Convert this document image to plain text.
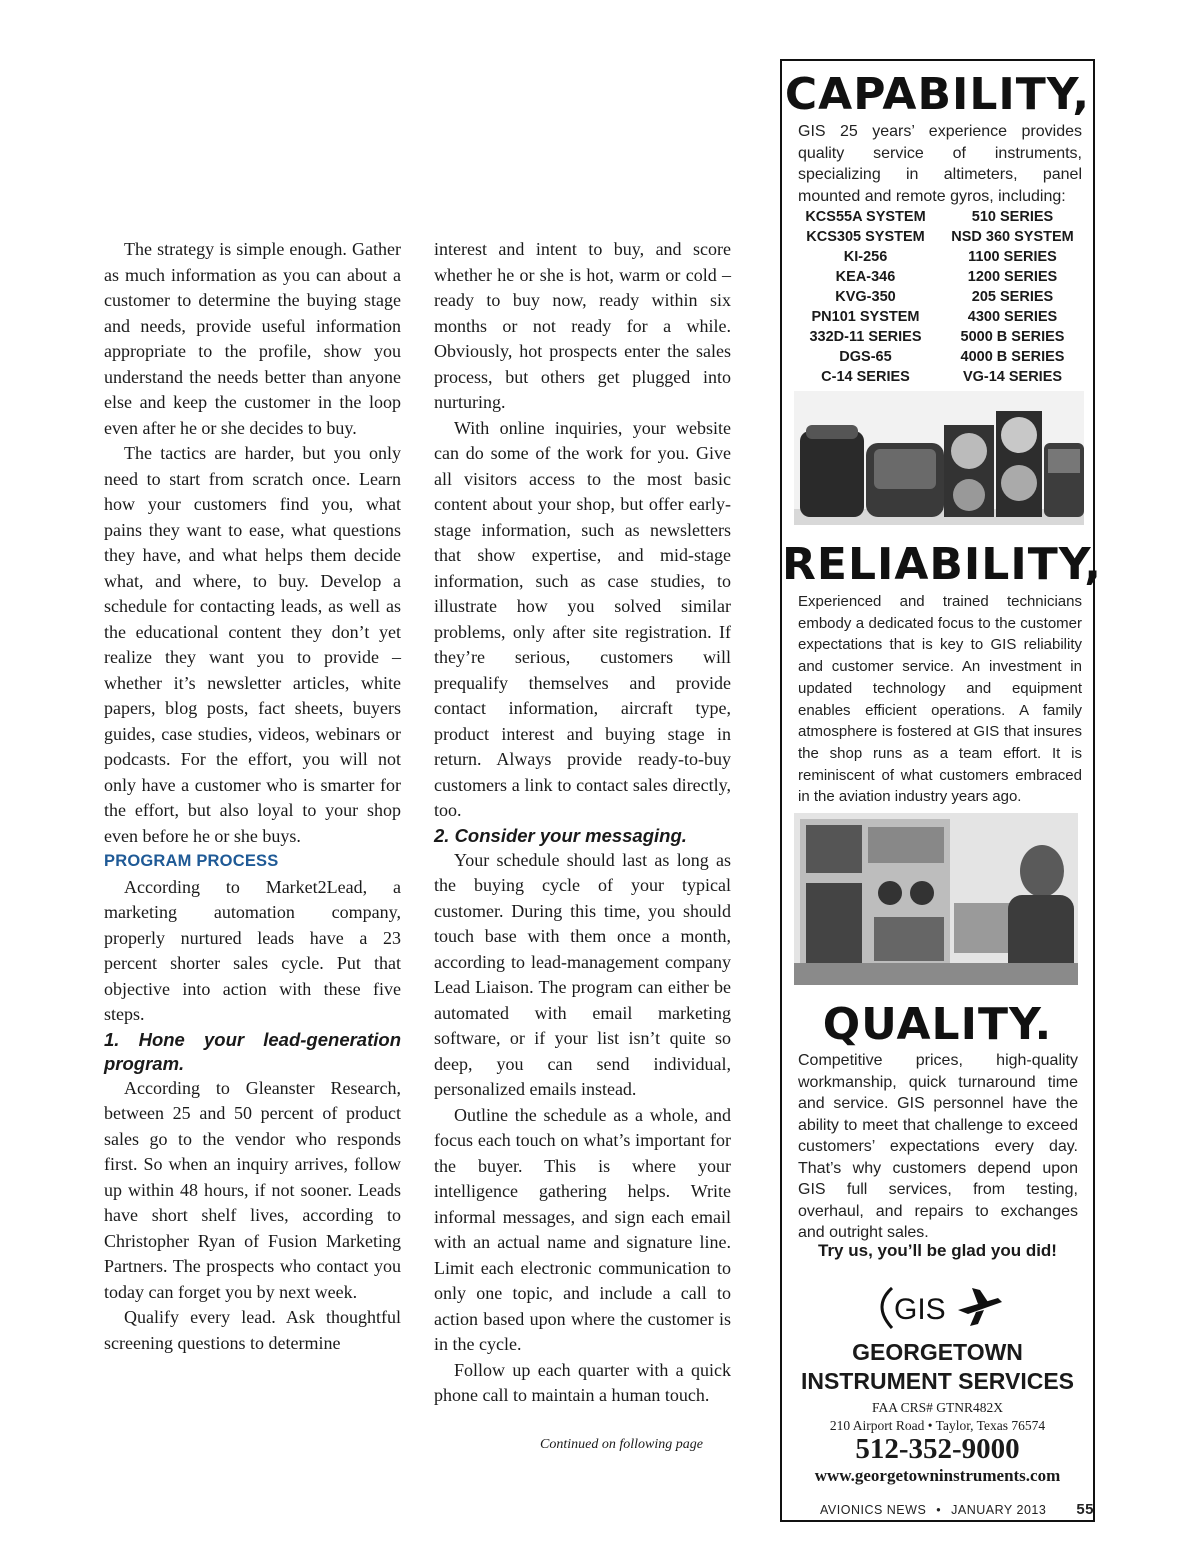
The strategy is simple enough. Gather as much information as you can about a customer to determine the buying stage and needs, provide useful information appropriate to the profile, show you understand the needs better than anyone else and keep the customer in the loop even after he or she decides to buy.

The tactics are harder, but you only need to start from scratch once. Learn how your customers find you, what pains they want to ease, what questions they have, and what helps them decide what, and where, to buy. Develop a schedule for contacting leads, as well as the educational content they don’t yet realize they want you to provide – whether it’s newsletter articles, white papers, blog posts, fact sheets, buyers guides, case studies, videos, webinars or podcasts. For the effort, you will not only have a customer who is smarter for the effort, but also loyal to your shop even before he or she buys.

PROGRAM PROCESS

According to Market2Lead, a marketing automation company, properly nurtured leads have a 23 percent shorter sales cycle. Put that objective into action with these five steps.

1. Hone your lead-generation program.

According to Gleanster Research, between 25 and 50 percent of product sales go to the vendor who responds first. So when an inquiry arrives, follow up within 48 hours, if not sooner. Leads have short shelf lives, according to Christopher Ryan of Fusion Marketing Partners. The prospects who contact you today can forget you by next week.

Qualify every lead. Ask thoughtful screening questions to determine

interest and intent to buy, and score whether he or she is hot, warm or cold – ready to buy now, ready within six months or not ready for a while. Obviously, hot prospects enter the sales process, but others get plugged into nurturing.

With online inquiries, your website can do some of the work for you. Give all visitors access to the most basic content about your shop, but offer early-stage information, such as newsletters that show expertise, and mid-stage information, such as case studies, to illustrate how you solved similar problems, only after site registration. If they’re serious, customers will prequalify themselves and provide contact information, aircraft type, product interest and buying stage in return. Always provide ready-to-buy customers a link to contact sales directly, too.

2. Consider your messaging.

Your schedule should last as long as the buying cycle of your typical customer. During this time, you should touch base with them once a month, according to lead-management company Lead Liaison. The program can either be automated with email marketing software, or if your list isn’t quite so deep, you can send individual, personalized emails instead.

Outline the schedule as a whole, and focus each touch on what’s important for the buyer. This is where your intelligence gathering helps. Write informal messages, and sign each email with an actual name and signature line. Limit each electronic communication to only one topic, and include a call to action based upon where the customer is in the cycle.

Follow up each quarter with a quick phone call to maintain a human touch.

Continued on following page
CAPABILITY,
GIS 25 years’ experience provides quality service of instruments, specializing in altimeters, panel mounted and remote gyros, including:
KCS55A SYSTEM	510 SERIES
KCS305 SYSTEM	NSD 360 SYSTEM
KI-256	1100 SERIES
KEA-346	1200 SERIES
KVG-350	205 SERIES
PN101 SYSTEM	4300 SERIES
332D-11 SERIES	5000 B SERIES
DGS-65	4000 B SERIES
C-14 SERIES	VG-14 SERIES
RELIABILITY,
Experienced and trained technicians embody a dedicated focus to the customer expectations that is key to GIS reliability and customer service. An investment in updated technology and equipment enables efficient operations. A family atmosphere is fostered at GIS that insures the shop runs as a team effort. It is reminiscent of what customers embraced in the aviation industry years ago.
QUALITY.
Competitive prices, high-quality workmanship, quick turnaround time and service. GIS personnel have the ability to meet that challenge to exceed customers’ expectations every day. That’s why customers depend upon GIS full services, from testing, overhaul, and repairs to exchanges and outright sales.
Try us, you’ll be glad you did!
GIS
GEORGETOWN
INSTRUMENT SERVICES
FAA CRS# GTNR482X
210 Airport Road • Taylor, Texas 76574
512-352-9000
www.georgetowninstruments.com
AVIONICS NEWS • JANUARY 2013 55
